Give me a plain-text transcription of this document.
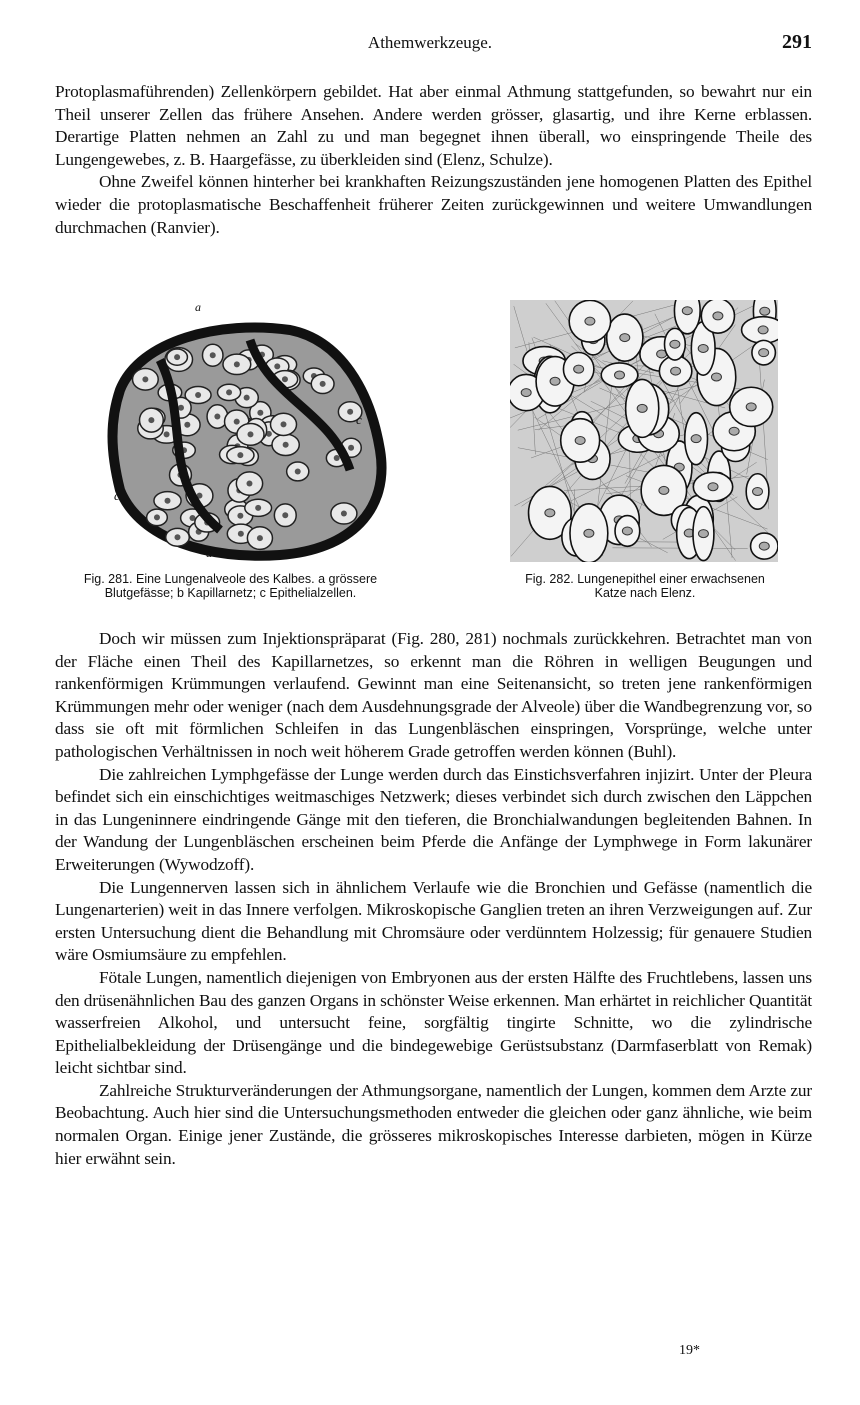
Athemwerkzeuge.	291

Protoplasmaführenden) Zellenkörpern gebildet. Hat aber einmal Athmung stattgefunden, so bewahrt nur ein Theil unserer Zellen das frühere Ansehen. Andere werden grösser, glasartig, und ihre Kerne erblassen. Derartige Platten nehmen an Zahl zu und man begegnet ihnen überall, wo einspringende Theile des Lungengewebes, z. B. Haargefässe, zu überkleiden sind (Elenz, Schulze).

Ohne Zweifel können hinterher bei krankhaften Reizungszuständen jene homogenen Platten des Epithel wieder die protoplasmatische Beschaffenheit früherer Zeiten zurückgewinnen und weitere Umwandlungen durchmachen (Ranvier).

a
b
c
c
a
Fig. 281. Eine Lungenalveole des Kalbes. a grössere
Blutgefässe; b Kapillarnetz; c Epithelialzellen.
Fig. 282. Lungenepithel einer erwachsenen
Katze nach Elenz.

Doch wir müssen zum Injektionspräparat (Fig. 280, 281) nochmals zurückkehren. Betrachtet man von der Fläche einen Theil des Kapillarnetzes, so erkennt man die Röhren in welligen Beugungen und rankenförmigen Krümmungen verlaufend. Gewinnt man eine Seitenansicht, so treten jene rankenförmigen Krümmungen mehr oder weniger (nach dem Ausdehnungsgrade der Alveole) über die Wandbegrenzung vor, so dass sie oft mit förmlichen Schleifen in das Lungenbläschen einspringen, Vorsprünge, welche unter pathologischen Verhältnissen in noch weit höherem Grade getroffen werden können (Buhl).

Die zahlreichen Lymphgefässe der Lunge werden durch das Einstichsverfahren injizirt. Unter der Pleura befindet sich ein einschichtiges weitmaschiges Netzwerk; dieses verbindet sich durch zwischen den Läppchen in das Lungeninnere eindringende Gänge mit den tieferen, die Bronchialwandungen begleitenden Bahnen. In der Wandung der Lungenbläschen erscheinen beim Pferde die Anfänge der Lymphwege in Form lakunärer Erweiterungen (Wywodzoff).

Die Lungennerven lassen sich in ähnlichem Verlaufe wie die Bronchien und Gefässe (namentlich die Lungenarterien) weit in das Innere verfolgen. Mikroskopische Ganglien treten an ihren Verzweigungen auf. Zur ersten Untersuchung dient die Behandlung mit Chromsäure oder verdünntem Holzessig; für genauere Studien wäre Osmiumsäure zu empfehlen.

Fötale Lungen, namentlich diejenigen von Embryonen aus der ersten Hälfte des Fruchtlebens, lassen uns den drüsenähnlichen Bau des ganzen Organs in schönster Weise erkennen. Man erhärtet in reichlicher Quantität wasserfreien Alkohol, und untersucht feine, sorgfältig tingirte Schnitte, wo die zylindrische Epithelialbekleidung der Drüsengänge und die bindegewebige Gerüstsubstanz (Darmfaserblatt von Remak) leicht sichtbar sind.

Zahlreiche Strukturveränderungen der Athmungsorgane, namentlich der Lungen, kommen dem Arzte zur Beobachtung. Auch hier sind die Untersuchungsmethoden entweder die gleichen oder ganz ähnliche, wie beim normalen Organ. Einige jener Zustände, die grösseres mikroskopisches Interesse darbieten, mögen in Kürze hier erwähnt sein.

19*
